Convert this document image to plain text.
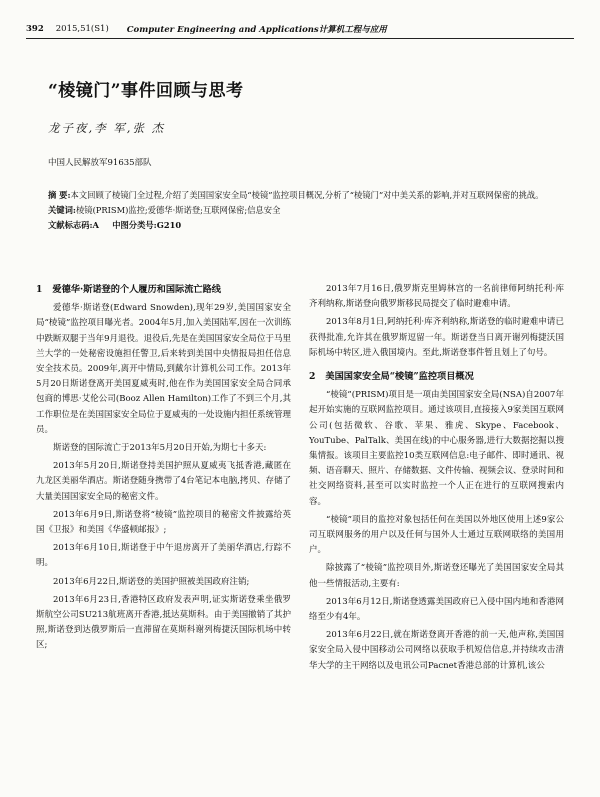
392 2015,51(S1) Computer Engineering and Applications计算机工程与应用
“棱镜门”事件回顾与思考
龙子夜,李 军,张 杰
中国人民解放军91635部队
摘 要:本文回顾了棱镜门全过程,介绍了美国国家安全局“棱镜”监控项目概况,分析了“棱镜门”对中美关系的影响,并对互联网保密的挑战。
关键词:棱镜(PRISM)监控;爱德华·斯诺登;互联网保密;信息安全
文献标志码:A 中图分类号:G210
1 爱德华·斯诺登的个人履历和国际流亡路线

爱德华·斯诺登(Edward Snowden),现年29岁,美国国家安全局“棱镜”监控项目曝光者。2004年5月,加入美国陆军,因在一次训练中跌断双腿于当年9月退役。退役后,先是在美国国家安全局位于马里兰大学的一处秘密设施担任警卫,后来转到美国中央情报局担任信息安全技术员。2009年,离开中情局,到戴尔计算机公司工作。2013年5月20日斯诺登离开美国夏威夷时,他在作为美国国家安全局合同承包商的博思·艾伦公司(Booz Allen Hamilton)工作了不到三个月,其工作职位是在美国国家安全局位于夏威夷的一处设施内担任系统管理员。

斯诺登的国际流亡于2013年5月20日开始,为期七十多天:

2013年5月20日,斯诺登持美国护照从夏威夷飞抵香港,藏匿在九龙区美丽华酒店。斯诺登随身携带了4台笔记本电脑,拷贝、存储了大量美国国家安全局的秘密文件。

2013年6月9日,斯诺登将“棱镜”监控项目的秘密文件披露给英国《卫报》和美国《华盛顿邮报》;

2013年6月10日,斯诺登于中午退房离开了美丽华酒店,行踪不明。

2013年6月22日,斯诺登的美国护照被美国政府注销;

2013年6月23日,香港特区政府发表声明,证实斯诺登乘坐俄罗斯航空公司SU213航班离开香港,抵达莫斯科。由于美国撤销了其护照,斯诺登到达俄罗斯后一直滞留在莫斯科谢列梅捷沃国际机场中转区;

2013年7月16日,俄罗斯克里姆林宫的一名前律师阿纳托利·库齐利纳称,斯诺登向俄罗斯移民局提交了临时避难申请。

2013年8月1日,阿纳托利·库齐利纳称,斯诺登的临时避难申请已获得批准,允许其在俄罗斯逗留一年。斯诺登当日离开谢列梅捷沃国际机场中转区,进入俄国境内。至此,斯诺登事件暂且划上了句号。

2 美国国家安全局“棱镜”监控项目概况

“棱镜”(PRISM)项目是一项由美国国家安全局(NSA)自2007年起开始实施的互联网监控项目。通过该项目,直接接入9家美国互联网公司(包括微软、谷歌、苹果、雅虎、Skype、Facebook、YouTube、PalTalk、美国在线)的中心服务器,进行大数据挖掘以搜集情报。该项目主要监控10类互联网信息:电子邮件、即时通讯、视频、语音聊天、照片、存储数据、文件传输、视频会议、登录时间和社交网络资料,甚至可以实时监控一个人正在进行的互联网搜索内容。

“棱镜”项目的监控对象包括任何在美国以外地区使用上述9家公司互联网服务的用户以及任何与国外人士通过互联网联络的美国用户。

除披露了“棱镜”监控项目外,斯诺登还曝光了美国国家安全局其他一些情报活动,主要有:

2013年6月12日,斯诺登透露美国政府已入侵中国内地和香港网络至少有4年。

2013年6月22日,就在斯诺登离开香港的前一天,他声称,美国国家安全局入侵中国移动公司网络以获取手机短信信息,并持续攻击清华大学的主干网络以及电讯公司Pacnet香港总部的计算机,该公
